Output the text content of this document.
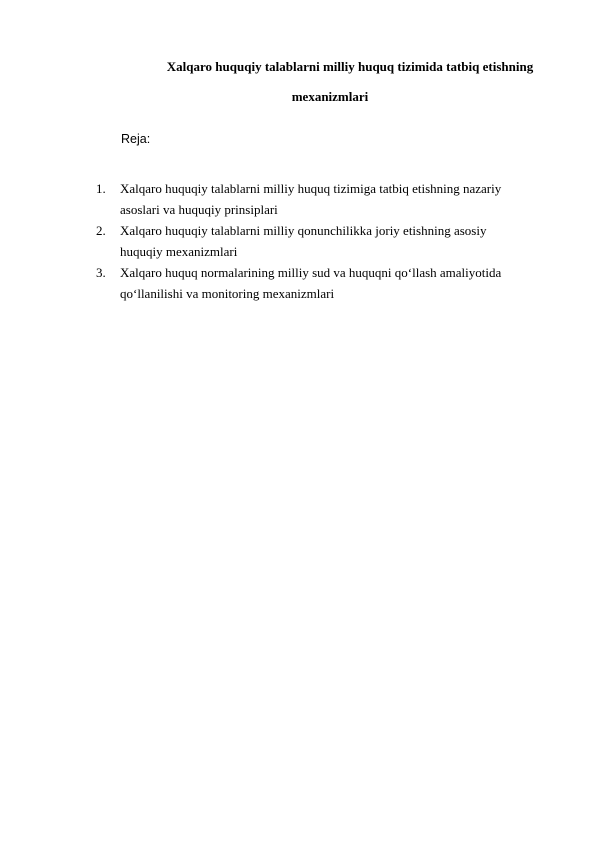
Xalqaro huquqiy talablarni milliy huquq tizimida tatbiq etishning
mexanizmlari

Reja:

1. Xalqaro huquqiy talablarni milliy huquq tizimiga tatbiq etishning nazariy
asoslari va huquqiy prinsiplari
2. Xalqaro huquqiy talablarni milliy qonunchilikka joriy etishning asosiy
huquqiy mexanizmlari
3. Xalqaro huquq normalarining milliy sud va huquqni qo‘llash amaliyotida
qo‘llanilishi va monitoring mexanizmlari
